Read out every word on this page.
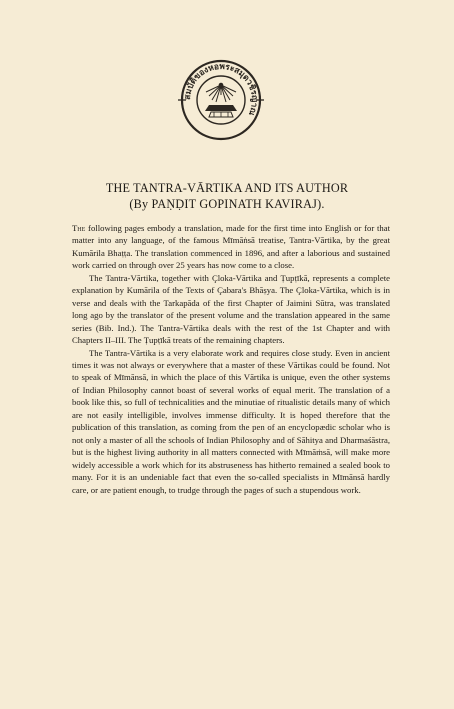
สมบัติของหอพระสมุดวชิรญาณ
THE TANTRA-VĀRTIKA AND ITS AUTHOR
(By PAṆḌIT GOPINATH KAVIRAJ).

The following pages embody a translation, made for the first time into English or for that matter into any language, of the famous Mīmāṅsā treatise, Tantra-Vārtika, by the great Kumārila Bhaṭṭa. The translation commenced in 1896, and after a laborious and sustained work carried on through over 25 years has now come to a close.

The Tantra-Vārtika, together with Çloka-Vārtika and Ṭupṭīkā, represents a complete explanation by Kumārila of the Texts of Çabara's Bhāṣya. The Çloka-Vārtika, which is in verse and deals with the Tarkapāda of the first Chapter of Jaimini Sūtra, was translated long ago by the translator of the present volume and the translation appeared in the same series (Bib. Ind.). The Tantra-Vārtika deals with the rest of the 1st Chapter and with Chapters II–III. The Ṭupṭīkā treats of the remaining chapters.

The Tantra-Vārtika is a very elaborate work and requires close study. Even in ancient times it was not always or everywhere that a master of these Vārtikas could be found. Not to speak of Mīmānsā, in which the place of this Vārtika is unique, even the other systems of Indian Philosophy cannot boast of several works of equal merit. The translation of a book like this, so full of technicalities and the minutiae of ritualistic details many of which are not easily intelligible, involves immense difficulty. It is hoped therefore that the publication of this translation, as coming from the pen of an encyclopædic scholar who is not only a master of all the schools of Indian Philosophy and of Sāhitya and Dharmaśāstra, but is the highest living authority in all matters connected with Mīmāṁsā, will make more widely accessible a work which for its abstruseness has hitherto remained a sealed book to many. For it is an undeniable fact that even the so-called specialists in Mīmānsā hardly care, or are patient enough, to trudge through the pages of such a stupendous work.
